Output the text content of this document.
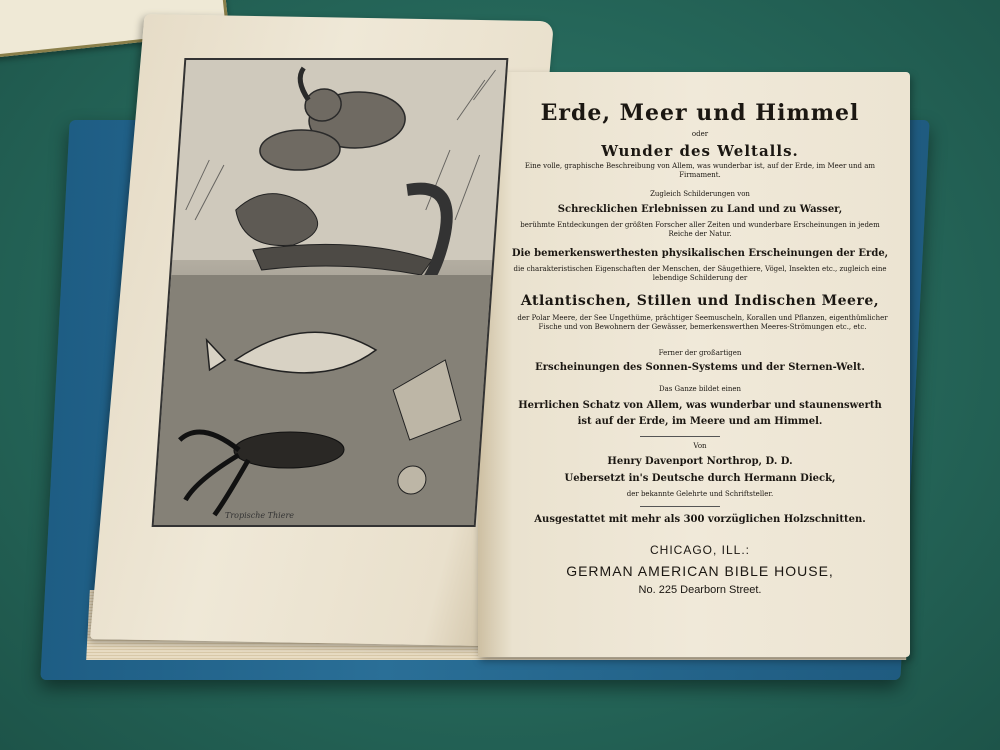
Tropische Thiere
Erde, Meer und Himmel
oder
Wunder des Weltalls.
Eine volle, graphische Beschreibung von Allem, was wunderbar ist, auf der Erde, im Meer und am Firmament.
Zugleich Schilderungen von
Schrecklichen Erlebnissen zu Land und zu Wasser,
berühmte Entdeckungen der größten Forscher aller Zeiten und wunderbare Erscheinungen in jedem Reiche der Natur.
Die bemerkenswerthesten physikalischen Erscheinungen der Erde,
die charakteristischen Eigenschaften der Menschen, der Säugethiere, Vögel, Insekten etc., zugleich eine lebendige Schilderung der
Atlantischen, Stillen und Indischen Meere,
der Polar Meere, der See Ungethüme, prächtiger Seemuscheln, Korallen und Pflanzen, eigenthümlicher Fische und von Bewohnern der Gewässer, bemerkenswerthen Meeres-Strömungen etc., etc.
Ferner der großartigen
Erscheinungen des Sonnen-Systems und der Sternen-Welt.
Das Ganze bildet einen
Herrlichen Schatz von Allem, was wunderbar und staunenswerth
ist auf der Erde, im Meere und am Himmel.
Von
Henry Davenport Northrop, D. D.
Uebersetzt in's Deutsche durch Hermann Dieck,
der bekannte Gelehrte und Schriftsteller.
Ausgestattet mit mehr als 300 vorzüglichen Holzschnitten.
CHICAGO, ILL.:
GERMAN AMERICAN BIBLE HOUSE,
No. 225 Dearborn Street.
